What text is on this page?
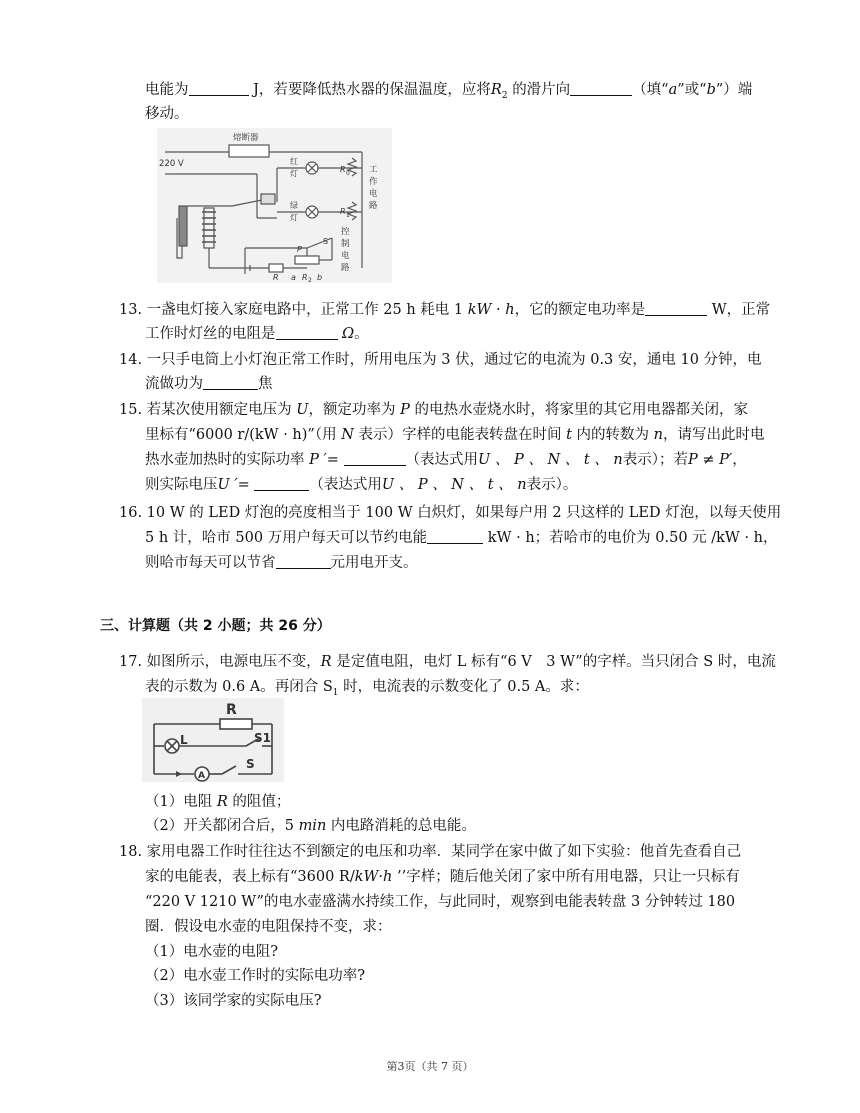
电能为	J，若要降低热水器的保温温度，应将$R_2$ 的滑片向	（填“a”或“b”）端
移动。
熔断器
220 V	红
灯
绿
灯
R 0
R 1
工
作
电
路
控
制
电
路
P
S
R a R 2 b
13. 一盏电灯接入家庭电路中，正常工作 25 h 耗电 1 kW · h，它的额定电功率是	W，正常
工作时灯丝的电阻是	Ω。
14. 一只手电筒上小灯泡正常工作时，所用电压为 3 伏，通过它的电流为 0.3 安，通电 10 分钟，电
流做功为	焦
15. 若某次使用额定电压为 U，额定功率为 P 的电热水壶烧水时，将家里的其它用电器都关闭，家
里标有“6000 r/(kW · h)”（用 N 表示）字样的电能表转盘在时间 t 内的转数为 n，请写出此时电
热水壶加热时的实际功率 P ′=	（表达式用U 、 P 、 N 、 t 、 n表示）；若P ≠ P′，
则实际电压U ′=	（表达式用U 、 P 、 N 、 t 、 n表示）。
16. 10 W 的 LED 灯泡的亮度相当于 100 W 白炽灯，如果每户用 2 只这样的 LED 灯泡，以每天使用
5 h 计，哈市 500 万用户每天可以节约电能	kW · h；若哈市的电价为 0.50 元 /kW · h，
则哈市每天可以节省	元用电开支。
三、计算题（共 2 小题；共 26 分）
17. 如图所示，电源电压不变，R 是定值电阻，电灯 L 标有“6 V　3 W”的字样。当只闭合 S 时，电流
表的示数为 0.6 A。再闭合 $S_1$ 时，电流表的示数变化了 0.5 A。求：
R
L	S1
S
A
（1）电阻 R 的阻值；
（2）开关都闭合后，5 min 内电路消耗的总电能。
18. 家用电器工作时往往达不到额定的电压和功率．某同学在家中做了如下实验：他首先查看自己
家的电能表，表上标有“3600 R/kW·h ’’字样；随后他关闭了家中所有用电器，只让一只标有
“220 V 1210 W”的电水壶盛满水持续工作，与此同时，观察到电能表转盘 3 分钟转过 180
圈．假设电水壶的电阻保持不变，求：
（1）电水壶的电阻?
（2）电水壶工作时的实际电功率?
（3）该同学家的实际电压?
第3页（共 7 页）
